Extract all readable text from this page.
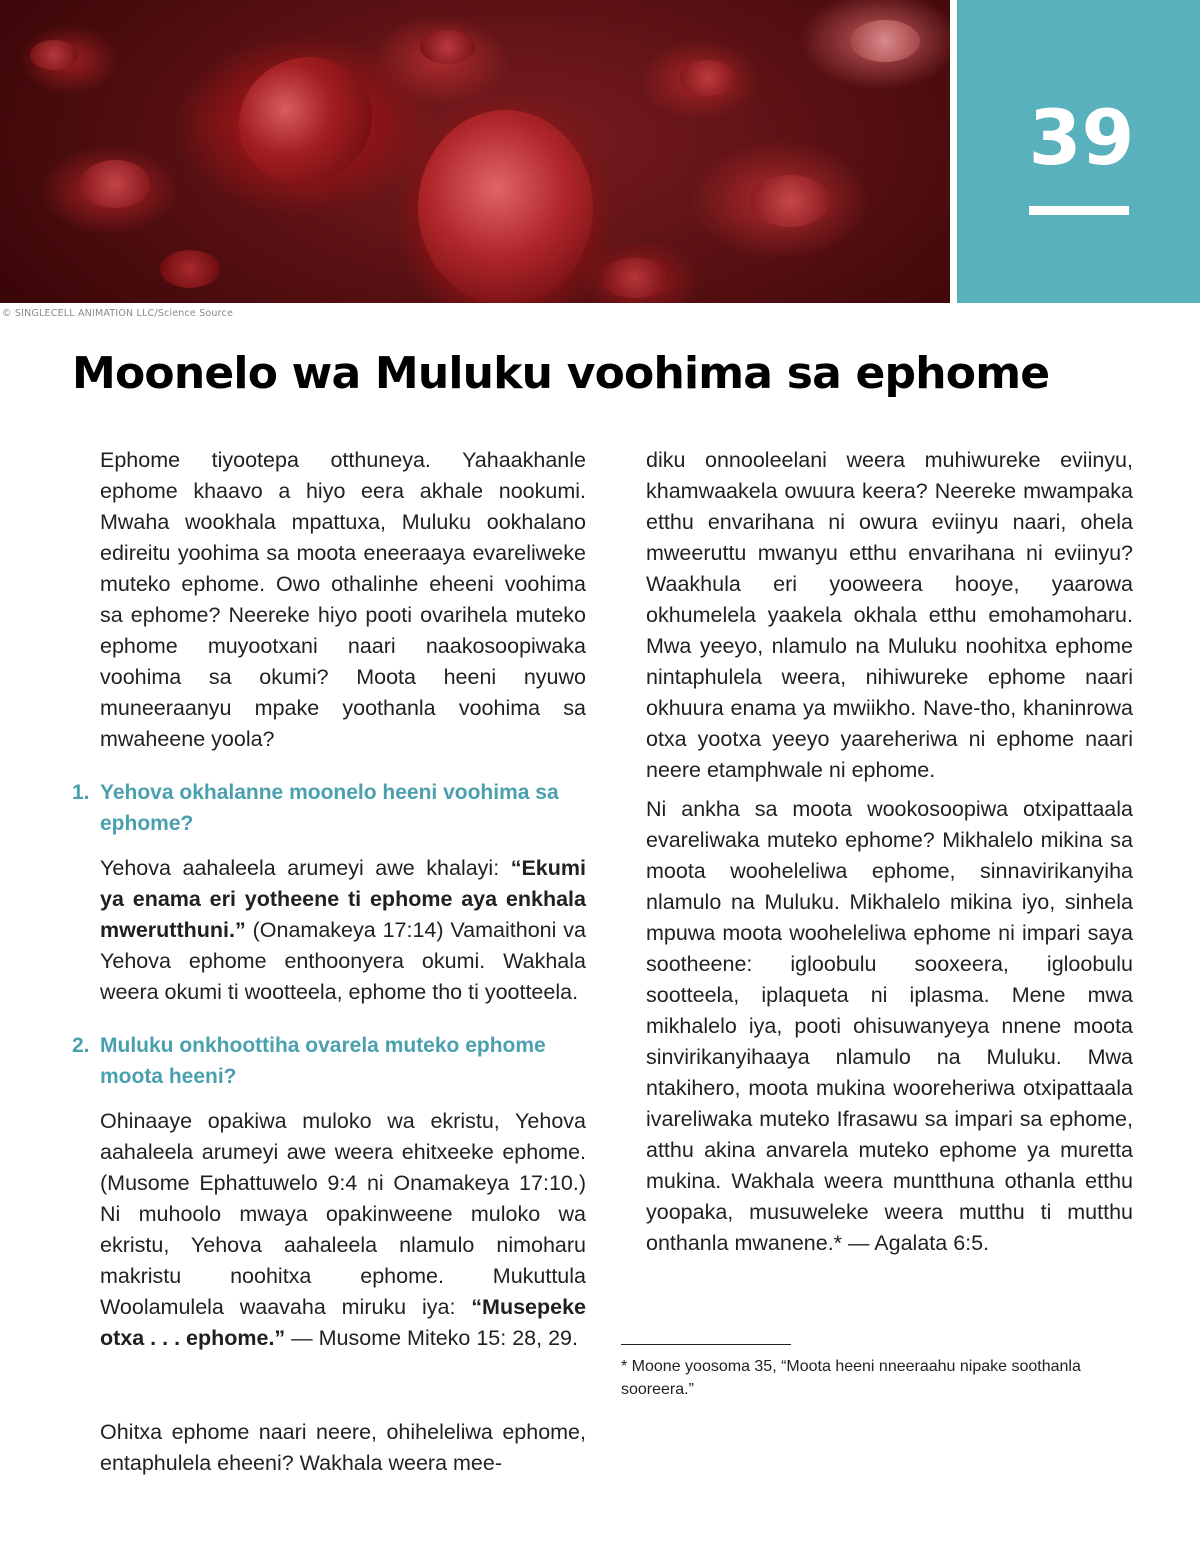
39
© SINGLECELL ANIMATION LLC/Science Source
Moonelo wa Muluku voohima sa ephome

Ephome tiyootepa otthuneya. Yahaakhanle ephome khaavo a hiyo eera akhale nookumi. Mwaha wookhala mpattuxa, Muluku ookhalano edireitu yoohima sa moota eneeraaya evareliweke muteko ephome. Owo othalinhe eheeni voohima sa ephome? Neereke hiyo pooti ovarihela muteko ephome muyootxani naari naakosoopiwaka voohima sa okumi? Moota heeni nyuwo muneeraanyu mpake yoothanla voohima sa mwaheene yoola?

1. Yehova okhalanne moonelo heeni voohima sa ephome?

Yehova aahaleela arumeyi awe khalayi: “Ekumi ya enama eri yotheene ti ephome aya enkhala mwerutthuni.” (Onamakeya 17:14) Vamaithoni va Yehova ephome enthoonyera okumi. Wakhala weera okumi ti wootteela, ephome tho ti yootteela.

2. Muluku onkhoottiha ovarela muteko ephome moota heeni?

Ohinaaye opakiwa muloko wa ekristu, Yehova aahaleela arumeyi awe weera ehitxeeke ephome. (Musome Ephattuwelo 9:4 ni Onamakeya 17:10.) Ni muhoolo mwaya opakinweene muloko wa ekristu, Yehova aahaleela nlamulo nimoharu makristu noohitxa ephome. Mukuttula Woolamulela waavaha miruku iya: “Musepeke otxa . . . ephome.” — Musome Miteko 15: 28, 29.

Ohitxa ephome naari neere, ohiheleliwa ephome, entaphulela eheeni? Wakhala weera mee-

diku onnooleelani weera muhiwureke eviinyu, khamwaakela owuura keera? Neereke mwampaka etthu envarihana ni owura eviinyu naari, ohela mweeruttu mwanyu etthu envarihana ni eviinyu? Waakhula eri yooweera hooye, yaarowa okhumelela yaakela okhala etthu emohamoharu. Mwa yeeyo, nlamulo na Muluku noohitxa ephome nintaphulela weera, nihiwureke ephome naari okhuura enama ya mwiikho. Nave-tho, khaninrowa otxa yootxa yeeyo yaareheriwa ni ephome naari neere etamphwale ni ephome.

Ni ankha sa moota wookosoopiwa otxipattaala evareliwaka muteko ephome? Mikhalelo mikina sa moota wooheleliwa ephome, sinnavirikanyiha nlamulo na Muluku. Mikhalelo mikina iyo, sinhela mpuwa moota wooheleliwa ephome ni impari saya sootheene: igloobulu sooxeera, igloobulu sootteela, iplaqueta ni iplasma. Mene mwa mikhalelo iya, pooti ohisuwanyeya nnene moota sinvirikanyihaaya nlamulo na Muluku. Mwa ntakihero, moota mukina wooreheriwa otxipattaala ivareliwaka muteko Ifrasawu sa impari sa ephome, atthu akina anvarela muteko ephome ya muretta mukina. Wakhala weera muntthuna othanla etthu yoopaka, musuweleke weera mutthu ti mutthu onthanla mwanene.* — Agalata 6:5.

* Moone yoosoma 35, “Moota heeni nneeraahu nipake soothanla sooreera.”
